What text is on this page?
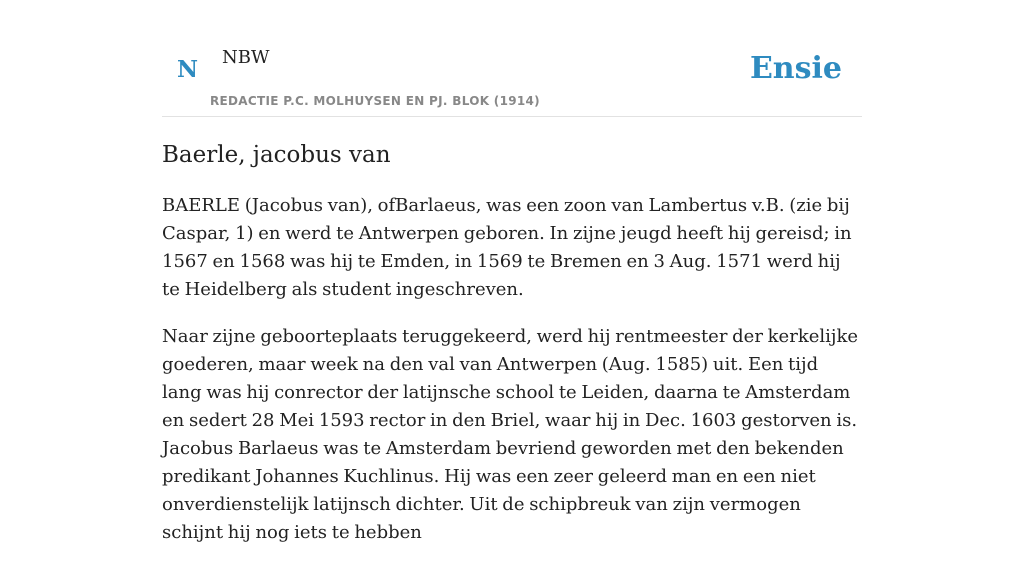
N NBW
REDACTIE P.C. MOLHUYSEN EN PJ. BLOK (1914)
Ensie
Baerle, jacobus van

BAERLE (Jacobus van), ofBarlaeus, was een zoon van Lambertus v.B. (zie bij Caspar, 1) en werd te Antwerpen geboren. In zijne jeugd heeft hij gereisd; in 1567 en 1568 was hij te Emden, in 1569 te Bremen en 3 Aug. 1571 werd hij te Heidelberg als student ingeschreven.

Naar zijne geboorteplaats teruggekeerd, werd hij rentmeester der kerkelijke goederen, maar week na den val van Antwerpen (Aug. 1585) uit. Een tijd lang was hij conrector der latijnsche school te Leiden, daarna te Amsterdam en sedert 28 Mei 1593 rector in den Briel, waar hij in Dec. 1603 gestorven is. Jacobus Barlaeus was te Amsterdam bevriend geworden met den bekenden predikant Johannes Kuchlinus. Hij was een zeer geleerd man en een niet onverdienstelijk latijnsch dichter. Uit de schipbreuk van zijn vermogen schijnt hij nog iets te hebben
